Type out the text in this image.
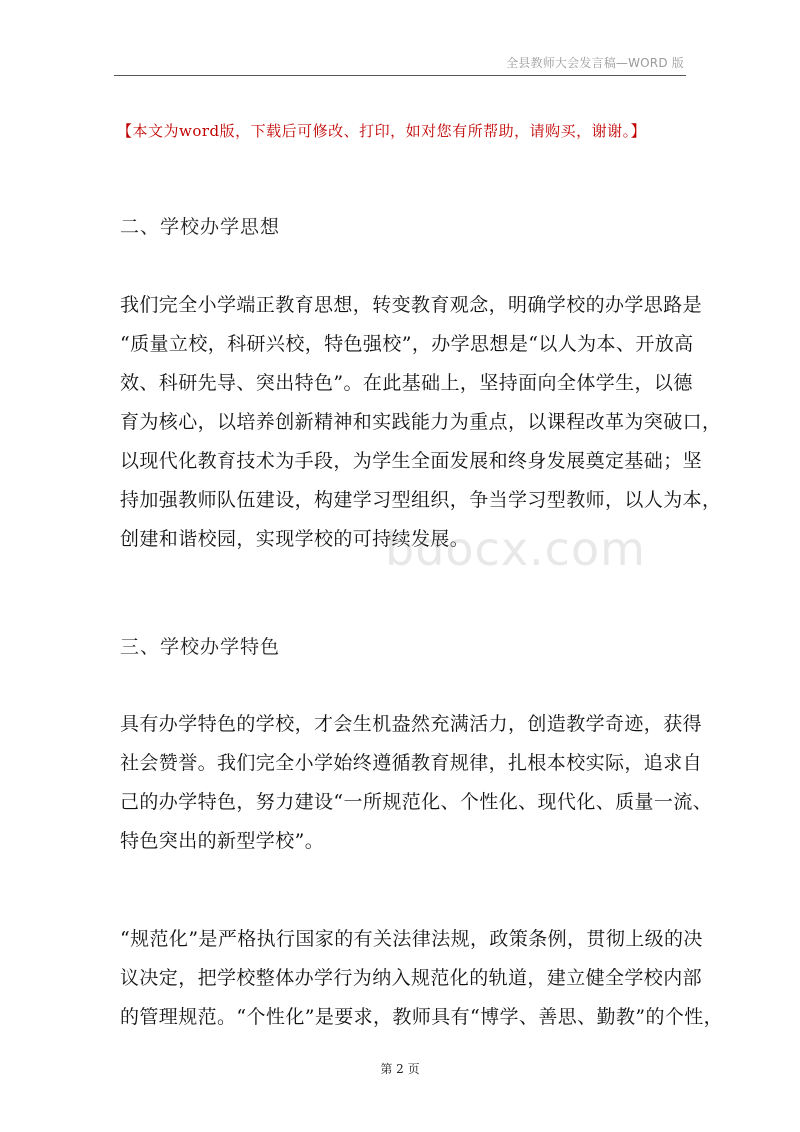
全县教师大会发言稿—WORD 版
【本文为word版，下载后可修改、打印，如对您有所帮助，请购买，谢谢。】
二、学校办学思想
我们完全小学端正教育思想，转变教育观念，明确学校的办学思路是
“质量立校，科研兴校，特色强校”，办学思想是“以人为本、开放高
效、科研先导、突出特色”。在此基础上，坚持面向全体学生，以德
育为核心，以培养创新精神和实践能力为重点，以课程改革为突破口，
以现代化教育技术为手段，为学生全面发展和终身发展奠定基础；坚
持加强教师队伍建设，构建学习型组织，争当学习型教师，以人为本，
创建和谐校园，实现学校的可持续发展。
三、学校办学特色
具有办学特色的学校，才会生机盎然充满活力，创造教学奇迹，获得
社会赞誉。我们完全小学始终遵循教育规律，扎根本校实际，追求自
己的办学特色，努力建设“一所规范化、个性化、现代化、质量一流、
特色突出的新型学校”。
“规范化”是严格执行国家的有关法律法规，政策条例，贯彻上级的决
议决定，把学校整体办学行为纳入规范化的轨道，建立健全学校内部
的管理规范。“个性化”是要求，教师具有“博学、善思、勤教”的个性，
bdocx.com
第 2 页
